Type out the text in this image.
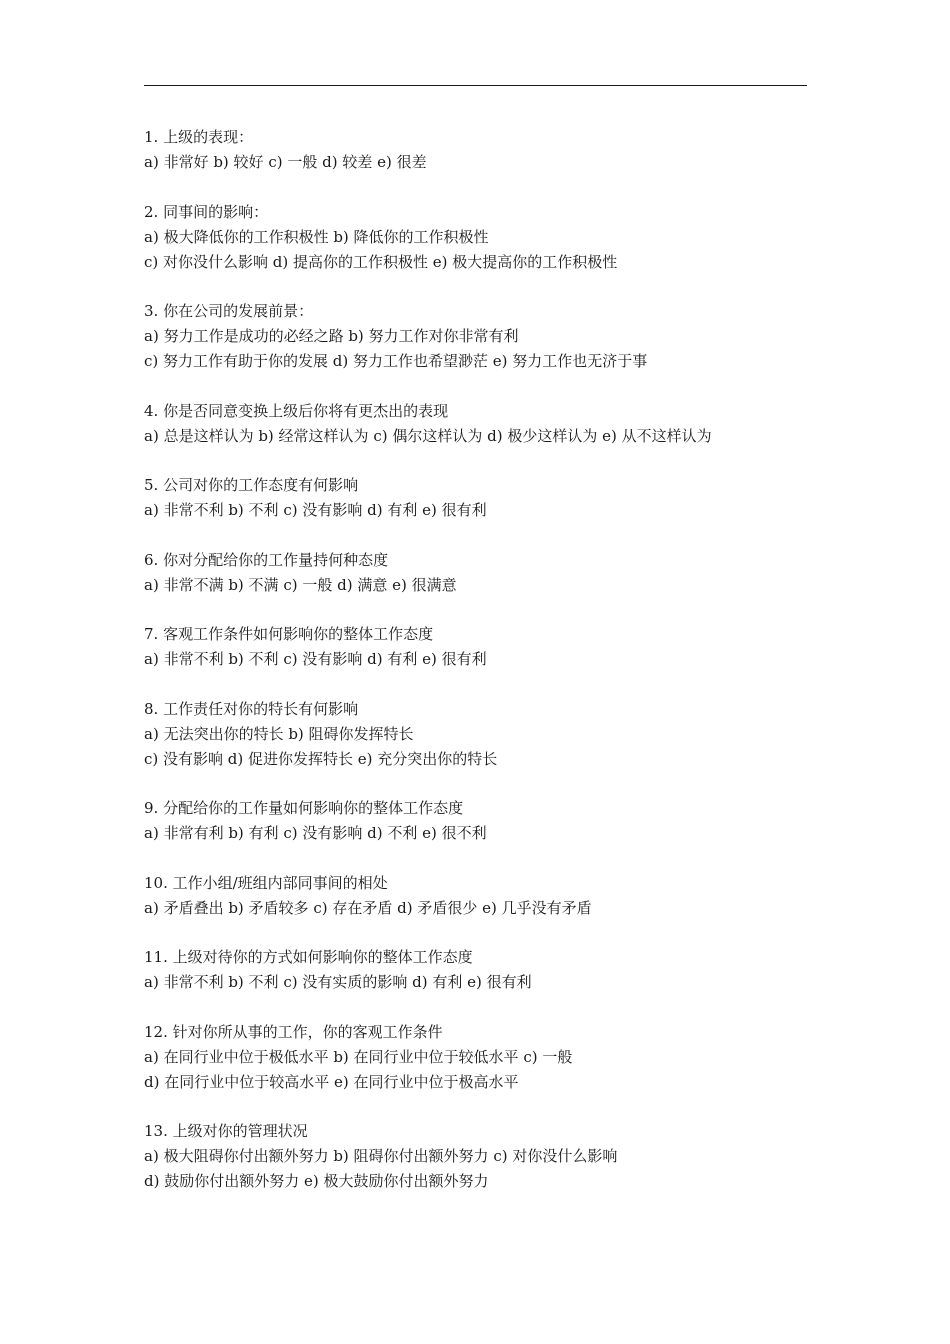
1. 上级的表现：
a) 非常好 b) 较好 c) 一般 d) 较差 e) 很差
2. 同事间的影响：
a) 极大降低你的工作积极性 b) 降低你的工作积极性
c) 对你没什么影响 d) 提高你的工作积极性 e) 极大提高你的工作积极性
3. 你在公司的发展前景：
a) 努力工作是成功的必经之路 b) 努力工作对你非常有利
c) 努力工作有助于你的发展 d) 努力工作也希望渺茫 e) 努力工作也无济于事
4. 你是否同意变换上级后你将有更杰出的表现
a) 总是这样认为 b) 经常这样认为 c) 偶尔这样认为 d) 极少这样认为 e) 从不这样认为
5. 公司对你的工作态度有何影响
a) 非常不利 b) 不利 c) 没有影响 d) 有利 e) 很有利
6. 你对分配给你的工作量持何种态度
a) 非常不满 b) 不满 c) 一般 d) 满意 e) 很满意
7. 客观工作条件如何影响你的整体工作态度
a) 非常不利 b) 不利 c) 没有影响 d) 有利 e) 很有利
8. 工作责任对你的特长有何影响
a) 无法突出你的特长 b) 阻碍你发挥特长
c) 没有影响 d) 促进你发挥特长 e) 充分突出你的特长
9. 分配给你的工作量如何影响你的整体工作态度
a) 非常有利 b) 有利 c) 没有影响 d) 不利 e) 很不利
10. 工作小组/班组内部同事间的相处
a) 矛盾叠出 b) 矛盾较多 c) 存在矛盾 d) 矛盾很少 e) 几乎没有矛盾
11. 上级对待你的方式如何影响你的整体工作态度
a) 非常不利 b) 不利 c) 没有实质的影响 d) 有利 e) 很有利
12. 针对你所从事的工作，你的客观工作条件
a) 在同行业中位于极低水平 b) 在同行业中位于较低水平 c) 一般
d) 在同行业中位于较高水平 e) 在同行业中位于极高水平
13. 上级对你的管理状况
a) 极大阻碍你付出额外努力 b) 阻碍你付出额外努力 c) 对你没什么影响
d) 鼓励你付出额外努力 e) 极大鼓励你付出额外努力
